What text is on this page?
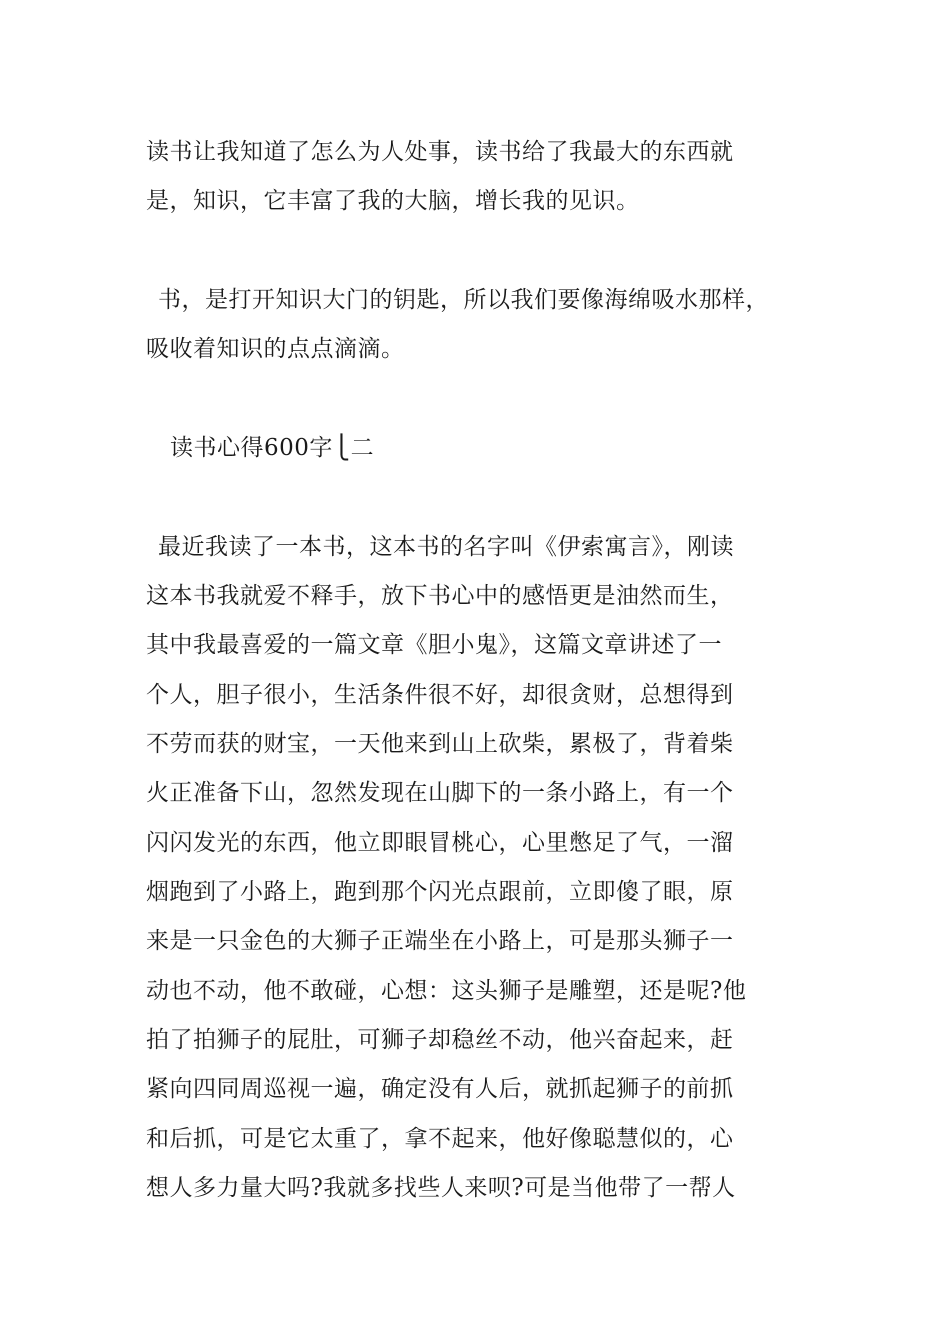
读书让我知道了怎么为人处事，读书给了我最大的东西就
是，知识，它丰富了我的大脑，增长我的见识。
书，是打开知识大门的钥匙，所以我们要像海绵吸水那样，
吸收着知识的点点滴滴。
读书心得600字⎩二
最近我读了一本书，这本书的名字叫《伊索寓言》，刚读
这本书我就爱不释手，放下书心中的感悟更是油然而生，
其中我最喜爱的一篇文章《胆小鬼》，这篇文章讲述了一
个人，胆子很小，生活条件很不好，却很贪财，总想得到
不劳而获的财宝，一天他来到山上砍柴，累极了，背着柴
火正准备下山，忽然发现在山脚下的一条小路上，有一个
闪闪发光的东西，他立即眼冒桃心，心里憋足了气，一溜
烟跑到了小路上，跑到那个闪光点跟前，立即傻了眼，原
来是一只金色的大狮子正端坐在小路上，可是那头狮子一
动也不动，他不敢碰，心想：这头狮子是雕塑，还是呢?他
拍了拍狮子的屁肚，可狮子却稳丝不动，他兴奋起来，赶
紧向四同周巡视一遍，确定没有人后，就抓起狮子的前抓
和后抓，可是它太重了，拿不起来，他好像聪慧似的，心
想人多力量大吗?我就多找些人来呗?可是当他带了一帮人
